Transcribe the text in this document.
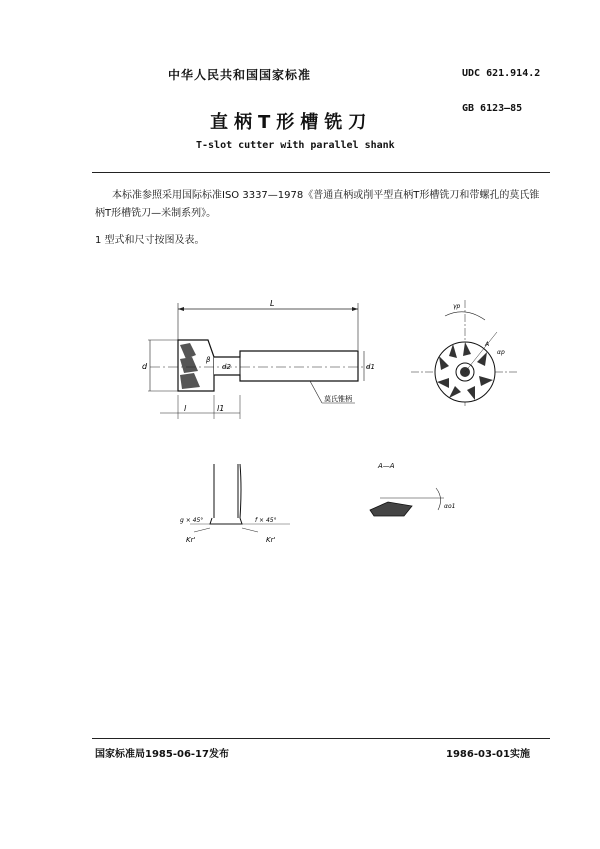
中华人民共和国国家标准	UDC 621.914.2
GB 6123—85
直柄T形槽铣刀
T-slot cutter with parallel shank
本标准参照采用国际标准ISO 3337—1978《普通直柄或削平型直柄T形槽铣刀和带螺孔的莫氏锥
柄T形槽铣刀—米制系列》。
1 型式和尺寸按图及表。
L
d	d2	d1
β
莫氏锥柄
l	l1
γp
αp
A
g × 45°	f × 45°
Kr'	Kr'
A—A
αo1
国家标准局1985-06-17发布	1986-03-01实施
